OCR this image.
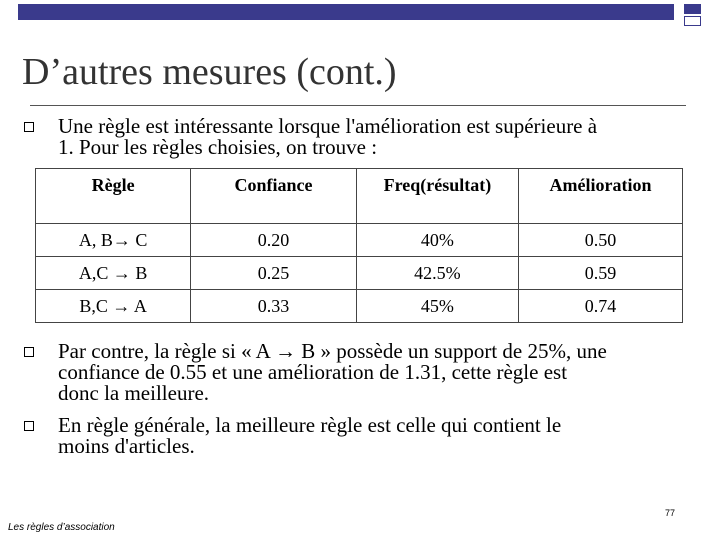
D’autres mesures (cont.)
Une règle est intéressante lorsque l'amélioration est supérieure à
1. Pour les règles choisies, on trouve :
Règle	Confiance	Freq(résultat)	Amélioration
A, B→ C	0.20	40%	0.50
A,C → B	0.25	42.5%	0.59
B,C → A	0.33	45%	0.74
Par contre, la règle si « A → B » possède un support de 25%, une
confiance de 0.55 et une amélioration de 1.31, cette règle est
donc la meilleure.
En règle générale, la meilleure règle est celle qui contient le
moins d'articles.
77
Les règles d’association
